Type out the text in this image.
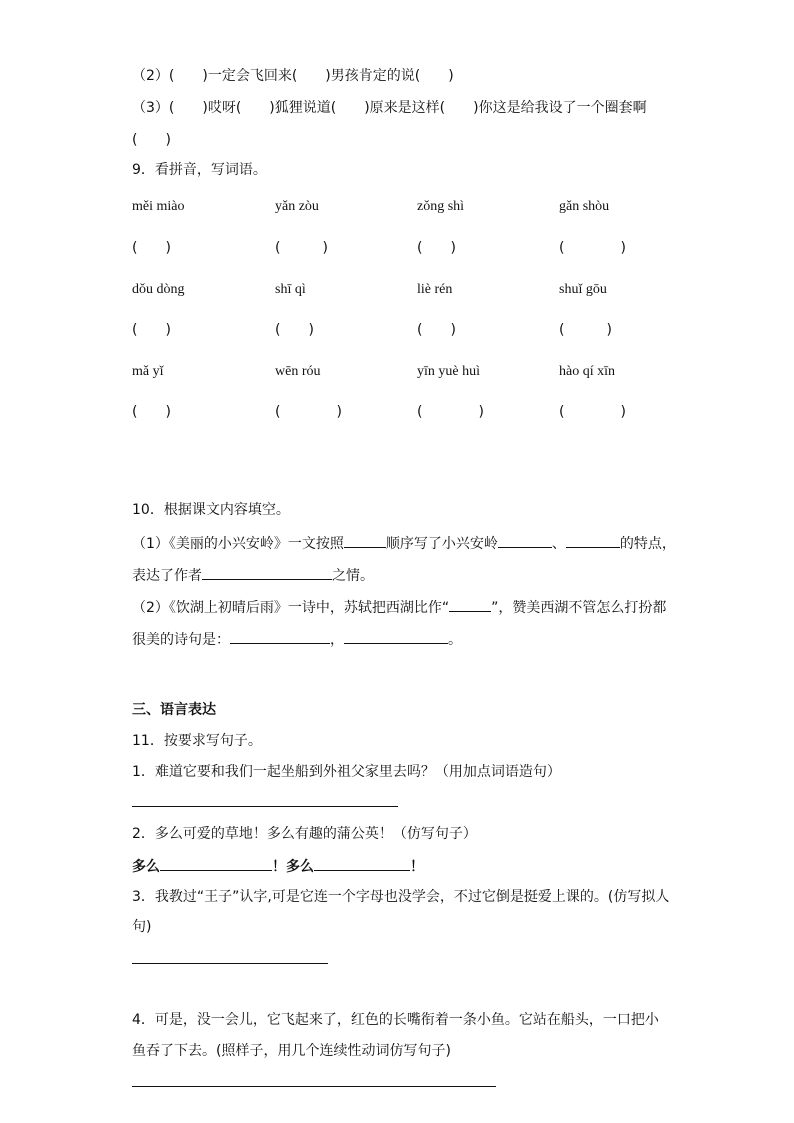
（2）(　　)一定会飞回来(　　)男孩肯定的说(　　)
（3）(　　)哎呀(　　)狐狸说道(　　)原来是这样(　　)你这是给我设了一个圈套啊
(　　)
9．看拼音，写词语。
měi miào	yǎn zòu	zǒng shì	gǎn shòu
(　　)	(　　　)	(　　)	(　　　　)
dǒu dòng	shī qì	liè rén	shuǐ gōu
(　　)	(　　)	(　　)	(　　　)
mǎ yǐ	wēn róu	yīn yuè huì	hào qí xīn
(　　)	(　　　　)	(　　　　)	(　　　　)
10．根据课文内容填空。
（1）《美丽的小兴安岭》一文按照	顺序写了小兴安岭	、	的特点，
表达了作者	之情。
（2）《饮湖上初晴后雨》一诗中，苏轼把西湖比作“	”，赞美西湖不管怎么打扮都
很美的诗句是：	，	。
三、语言表达
11．按要求写句子。
1．难道它要和我们一起坐船到外祖父家里去吗？（用加点词语造句）
2．多么可爱的草地！多么有趣的蒲公英！（仿写句子）
多么	！多么	！
3．我教过“王子”认字,可是它连一个字母也没学会，不过它倒是挺爱上课的。(仿写拟人
句)
4．可是，没一会儿，它飞起来了，红色的长嘴衔着一条小鱼。它站在船头，一口把小
鱼吞了下去。(照样子，用几个连续性动词仿写句子)
